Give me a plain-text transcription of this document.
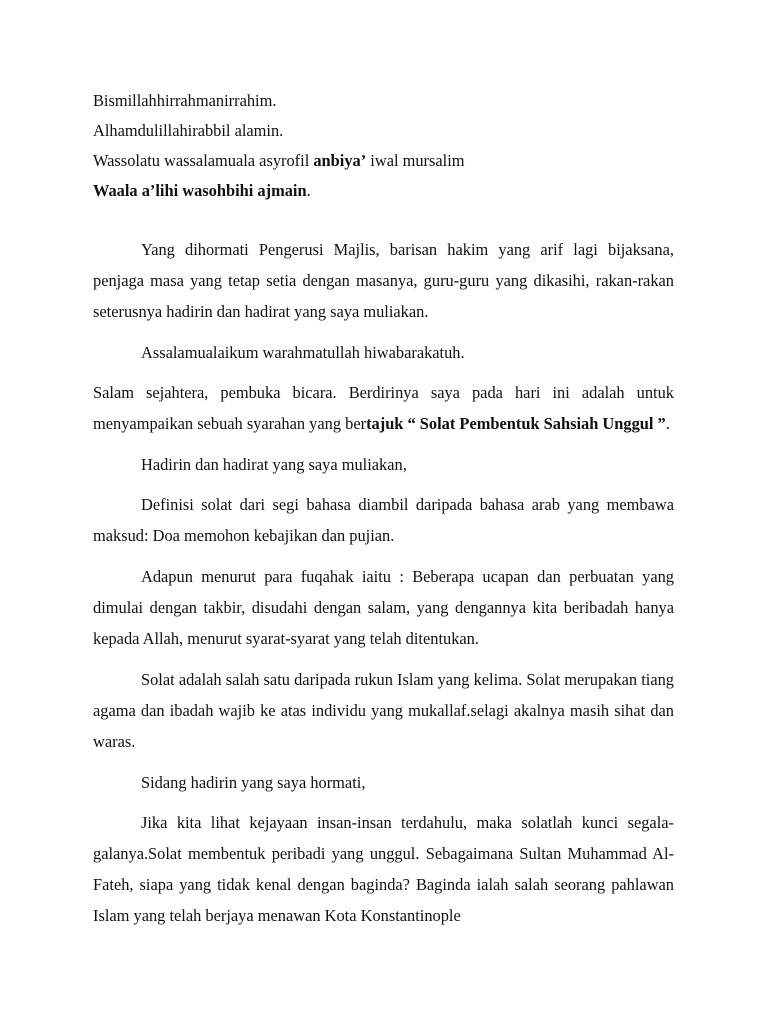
Bismillahhirrahmanirrahim.
Alhamdulillahirabbil alamin.
Wassolatu wassalamuala asyrofil anbiya’ iwal mursalim
Waala a’lihi wasohbihi ajmain.

Yang dihormati Pengerusi Majlis, barisan hakim yang arif lagi bijaksana, penjaga masa yang tetap setia dengan masanya, guru-guru yang dikasihi, rakan-rakan seterusnya hadirin dan hadirat yang saya muliakan.

Assalamualaikum warahmatullah hiwabarakatuh.

Salam sejahtera, pembuka bicara. Berdirinya saya pada hari ini adalah untuk menyampaikan sebuah syarahan yang bertajuk “ Solat Pembentuk Sahsiah Unggul ”.

Hadirin dan hadirat yang saya muliakan,

Definisi solat dari segi bahasa diambil daripada bahasa arab yang membawa maksud: Doa memohon kebajikan dan pujian.

Adapun menurut para fuqahak iaitu : Beberapa ucapan dan perbuatan yang dimulai dengan takbir, disudahi dengan salam, yang dengannya kita beribadah hanya kepada Allah, menurut syarat-syarat yang telah ditentukan.

Solat adalah salah satu daripada rukun Islam yang kelima. Solat merupakan tiang agama dan ibadah wajib ke atas individu yang mukallaf.selagi akalnya masih sihat dan waras.

Sidang hadirin yang saya hormati,

Jika kita lihat kejayaan insan-insan terdahulu, maka solatlah kunci segala-galanya.Solat membentuk peribadi yang unggul. Sebagaimana Sultan Muhammad Al-Fateh, siapa yang tidak kenal dengan baginda? Baginda ialah salah seorang pahlawan Islam yang telah berjaya menawan Kota Konstantinople
